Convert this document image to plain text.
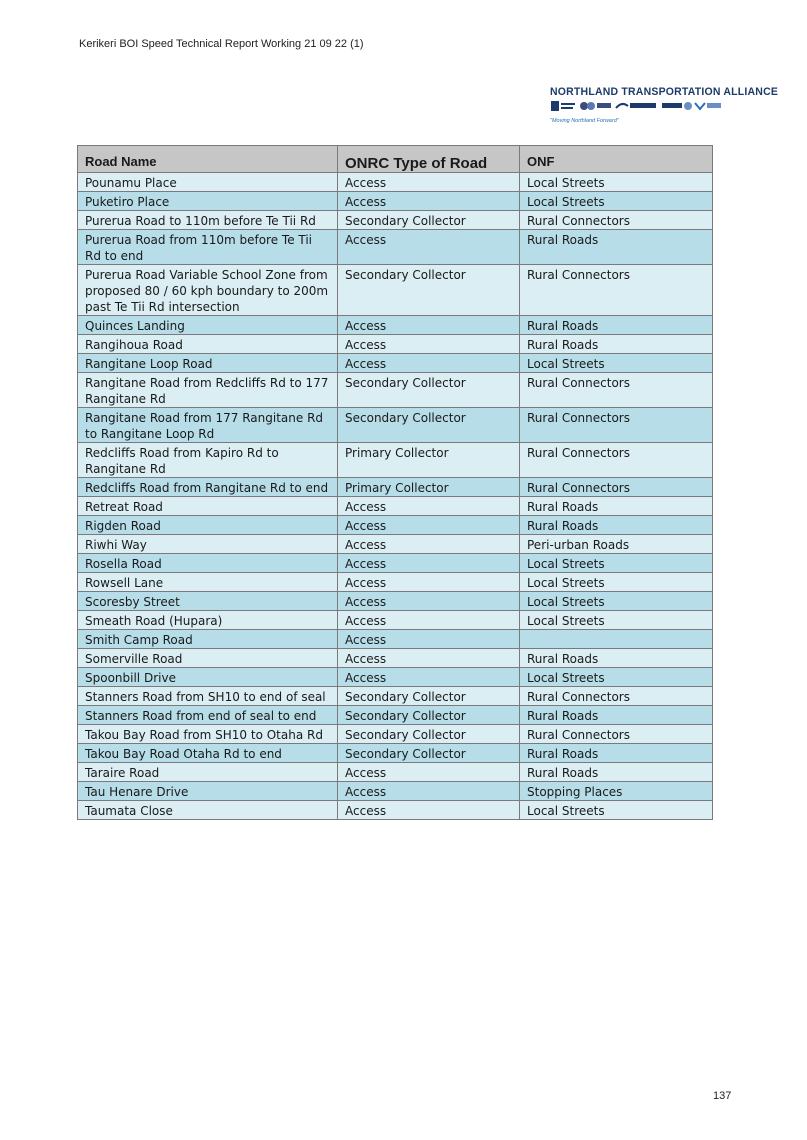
Kerikeri BOI Speed Technical Report Working 21 09 22 (1)
NORTHLAND TRANSPORTATION ALLIANCE
"Moving Northland Forward"
Road Name	ONRC Type of Road	ONF
Pounamu Place	Access	Local Streets
Puketiro Place	Access	Local Streets
Purerua Road to 110m before Te Tii Rd	Secondary Collector	Rural Connectors
Purerua Road from 110m before Te Tii Rd to end	Access	Rural Roads
Purerua Road Variable School Zone from proposed 80 / 60 kph boundary to 200m past Te Tii Rd intersection	Secondary Collector	Rural Connectors
Quinces Landing	Access	Rural Roads
Rangihoua Road	Access	Rural Roads
Rangitane Loop Road	Access	Local Streets
Rangitane Road from Redcliffs Rd to 177 Rangitane Rd	Secondary Collector	Rural Connectors
Rangitane Road from 177 Rangitane Rd to Rangitane Loop Rd	Secondary Collector	Rural Connectors
Redcliffs Road from Kapiro Rd to Rangitane Rd	Primary Collector	Rural Connectors
Redcliffs Road from Rangitane Rd to end	Primary Collector	Rural Connectors
Retreat Road	Access	Rural Roads
Rigden Road	Access	Rural Roads
Riwhi Way	Access	Peri-urban Roads
Rosella Road	Access	Local Streets
Rowsell Lane	Access	Local Streets
Scoresby Street	Access	Local Streets
Smeath Road (Hupara)	Access	Local Streets
Smith Camp Road	Access	
Somerville Road	Access	Rural Roads
Spoonbill Drive	Access	Local Streets
Stanners Road from SH10 to end of seal	Secondary Collector	Rural Connectors
Stanners Road from end of seal to end	Secondary Collector	Rural Roads
Takou Bay Road from SH10 to Otaha Rd	Secondary Collector	Rural Connectors
Takou Bay Road Otaha Rd to end	Secondary Collector	Rural Roads
Taraire Road	Access	Rural Roads
Tau Henare Drive	Access	Stopping Places
Taumata Close	Access	Local Streets
137
